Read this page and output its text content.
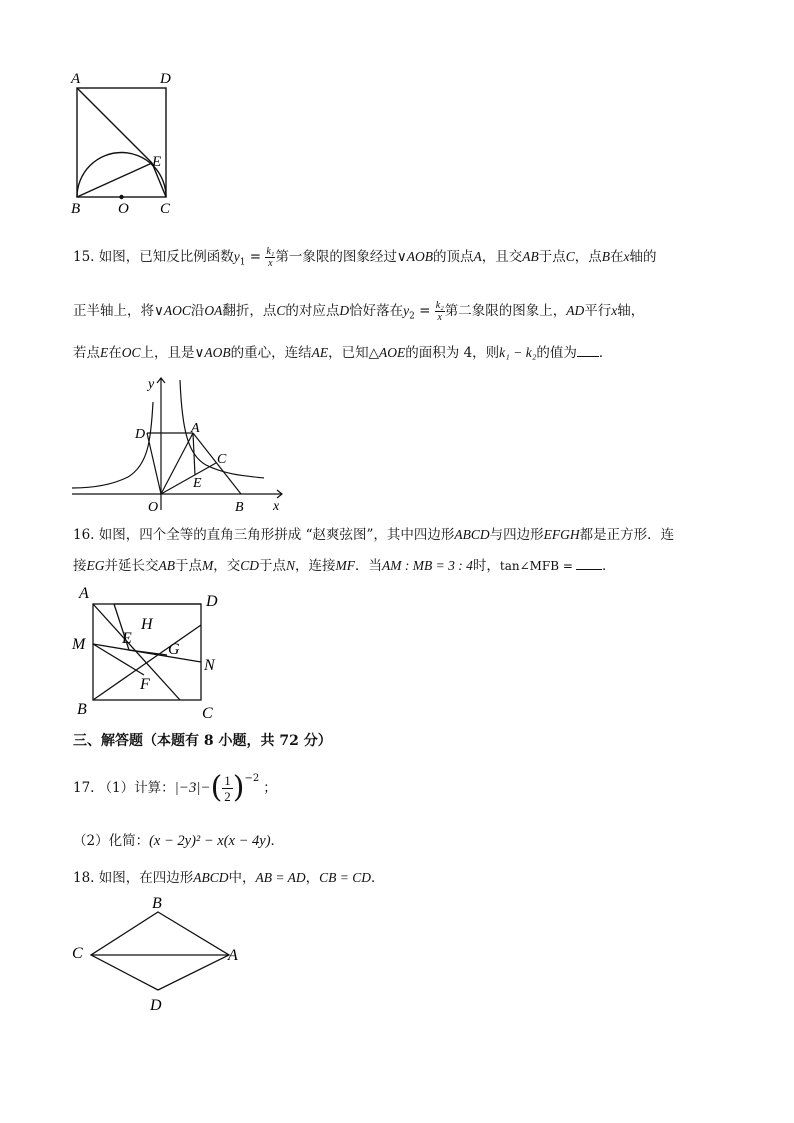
A	D
E
B	O C
15. 如图，已知反比例函数$y_1 = \frac{\text{k₁}}{x}$ 第一象限的图象经过∨AOB的顶点A，且交AB于点C，点B在x轴的
正半轴上，将∨AOC沿OA翻折，点C的对应点D恰好落在$y_2 = \frac{\text{k₂}}{x}$ 第二象限的图象上，AD平行x轴，
若点E在OC上，且是∨AOB的重心，连结AE，已知△AOE的面积为 4，则k₁ − k₂的值为 ．
y
x
D	A
C
E
O	B
16. 如图，四个全等的直角三角形拼成 “赵爽弦图”，其中四边形ABCD与四边形EFGH都是正方形．连
接EG并延长交AB于点M，交CD于点N，连接MF．当AM : MB = 3 : 4时，tan∠MFB = ．
A	D
H
M E
G
N
F
B	C
三、解答题（本题有 8 小题，共 72 分）
17. （1）计算： |−3|− ( 1
2 )$^{-2}$
；
（2）化简：(x − 2y)² − x(x − 4y)．
18. 如图，在四边形ABCD中，AB = AD，CB = CD．
B
C	A
D
